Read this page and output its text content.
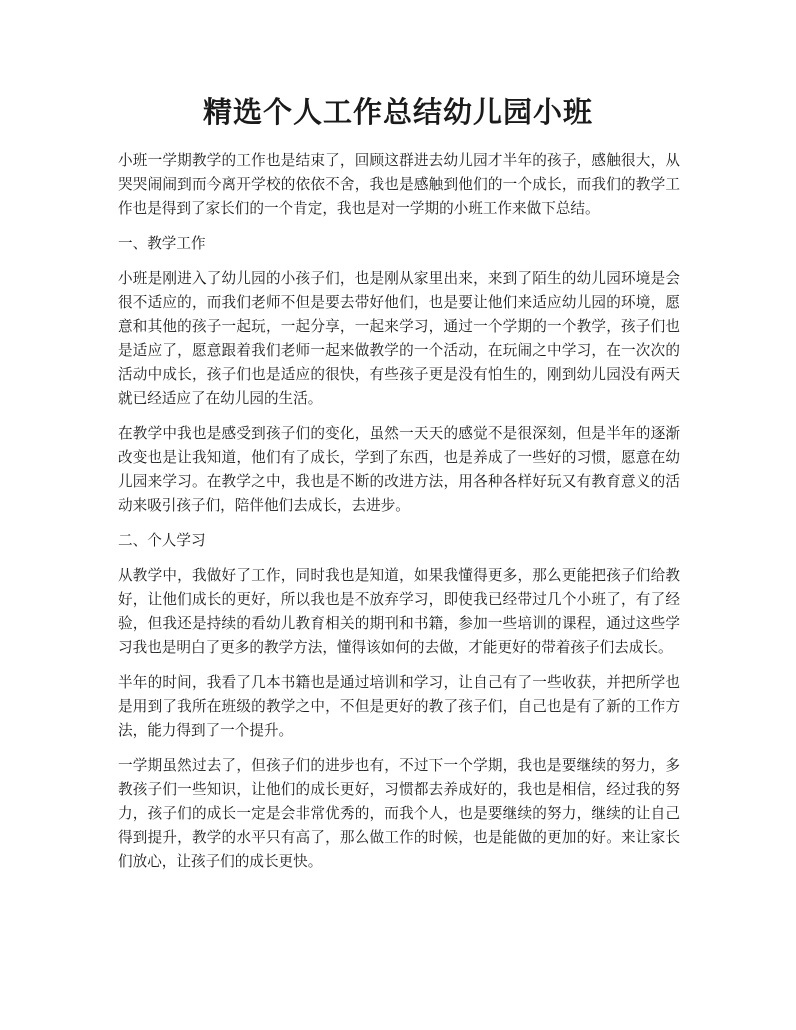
精选个人工作总结幼儿园小班

小班一学期教学的工作也是结束了，回顾这群进去幼儿园才半年的孩子，感触很大，从哭哭闹闹到而今离开学校的依依不舍，我也是感触到他们的一个成长，而我们的教学工作也是得到了家长们的一个肯定，我也是对一学期的小班工作来做下总结。

一、教学工作

小班是刚进入了幼儿园的小孩子们，也是刚从家里出来，来到了陌生的幼儿园环境是会很不适应的，而我们老师不但是要去带好他们，也是要让他们来适应幼儿园的环境，愿意和其他的孩子一起玩，一起分享，一起来学习，通过一个学期的一个教学，孩子们也是适应了，愿意跟着我们老师一起来做教学的一个活动，在玩闹之中学习，在一次次的活动中成长，孩子们也是适应的很快，有些孩子更是没有怕生的，刚到幼儿园没有两天就已经适应了在幼儿园的生活。

在教学中我也是感受到孩子们的变化，虽然一天天的感觉不是很深刻，但是半年的逐渐改变也是让我知道，他们有了成长，学到了东西，也是养成了一些好的习惯，愿意在幼儿园来学习。在教学之中，我也是不断的改进方法，用各种各样好玩又有教育意义的活动来吸引孩子们，陪伴他们去成长，去进步。

二、个人学习

从教学中，我做好了工作，同时我也是知道，如果我懂得更多，那么更能把孩子们给教好，让他们成长的更好，所以我也是不放弃学习，即使我已经带过几个小班了，有了经验，但我还是持续的看幼儿教育相关的期刊和书籍，参加一些培训的课程，通过这些学习我也是明白了更多的教学方法，懂得该如何的去做，才能更好的带着孩子们去成长。

半年的时间，我看了几本书籍也是通过培训和学习，让自己有了一些收获，并把所学也是用到了我所在班级的教学之中，不但是更好的教了孩子们，自己也是有了新的工作方法，能力得到了一个提升。

一学期虽然过去了，但孩子们的进步也有，不过下一个学期，我也是要继续的努力，多教孩子们一些知识，让他们的成长更好，习惯都去养成好的，我也是相信，经过我的努力，孩子们的成长一定是会非常优秀的，而我个人，也是要继续的努力，继续的让自己得到提升，教学的水平只有高了，那么做工作的时候，也是能做的更加的好。来让家长们放心，让孩子们的成长更快。
